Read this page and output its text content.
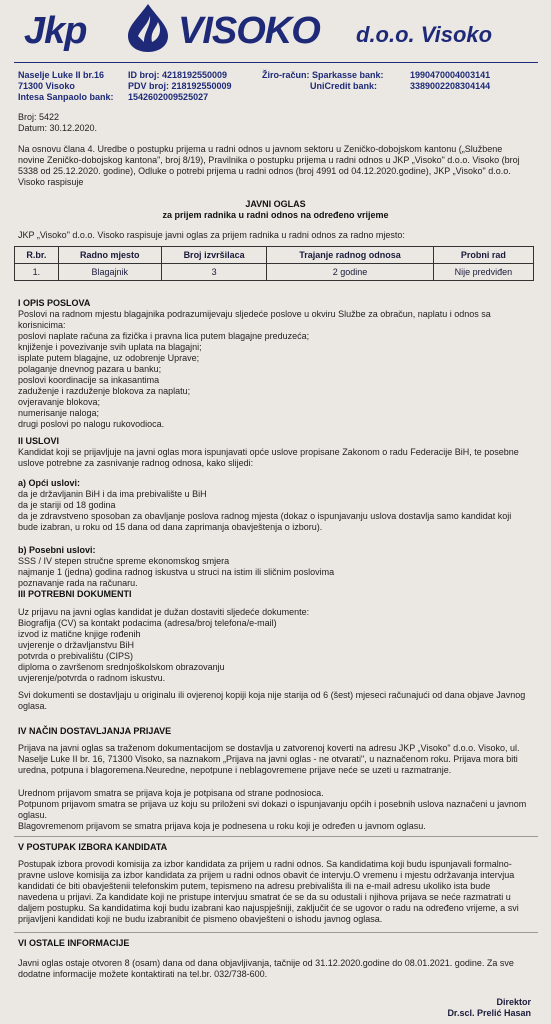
Jkp VISOKO d.o.o. Visoko
Naselje Luke II br.16
71300 Visoko
Intesa Sanpaolo bank: 1542602009525027
ID broj: 4218192550009
PDV broj: 218192550009
Žiro-račun: Sparkasse bank:	1990470004003141
UniCredit bank:	3389002208304144
Broj: 5422
Datum: 30.12.2020.
Na osnovu člana 4. Uredbe o postupku prijema u radni odnos u javnom sektoru u Zeničko-dobojskom kantonu („Službene novine Zeničko-dobojskog kantona", broj 8/19), Pravilnika o postupku prijema u radni odnos u JKP „Visoko" d.o.o. Visoko (broj 5338 od 25.12.2020. godine), Odluke o potrebi prijema u radni odnos (broj 4991 od 04.12.2020.godine), JKP „Visoko" d.o.o. Visoko raspisuje
JAVNI OGLAS
za prijem radnika u radni odnos na određeno vrijeme
JKP „Visoko" d.o.o. Visoko raspisuje javni oglas za prijem radnika u radni odnos za radno mjesto:
R.br.	Radno mjesto	Broj izvršilaca	Trajanje radnog odnosa	Probni rad
1.	Blagajnik	3	2 godine	Nije predviđen
I OPIS POSLOVA
Poslovi na radnom mjestu blagajnika podrazumijevaju sljedeće poslove u okviru Službe za obračun, naplatu i odnos sa korisnicima:
poslovi naplate računa za fizička i pravna lica putem blagajne preduzeća;
knjiženje i povezivanje svih uplata na blagajni;
isplate putem blagajne, uz odobrenje Uprave;
polaganje dnevnog pazara u banku;
poslovi koordinacije sa inkasantima
zaduženje i razduženje blokova za naplatu;
ovjeravanje blokova;
numerisanje naloga;
drugi poslovi po nalogu rukovodioca.
II USLOVI
Kandidat koji se prijavljuje na javni oglas mora ispunjavati opće uslove propisane Zakonom o radu Federacije BiH, te posebne uslove potrebne za zasnivanje radnog odnosa, kako slijedi:
a) Opći uslovi:
da je državljanin BiH i da ima prebivalište u BiH
da je stariji od 18 godina
da je zdravstveno sposoban za obavljanje poslova radnog mjesta (dokaz o ispunjavanju uslova dostavlja samo kandidat koji bude izabran, u roku od 15 dana od dana zaprimanja obavještenja o izboru).
b) Posebni uslovi:
SSS / IV stepen stručne spreme ekonomskog smjera
najmanje 1 (jedna) godina radnog iskustva u struci na istim ili sličnim poslovima
poznavanje rada na računaru.
III POTREBNI DOKUMENTI
Uz prijavu na javni oglas kandidat je dužan dostaviti sljedeće dokumente:
Biografija (CV) sa kontakt podacima (adresa/broj telefona/e-mail)
izvod iz matične knjige rođenih
uvjerenje o državljanstvu BiH
potvrda o prebivalištu (CIPS)
diploma o završenom srednjoškolskom obrazovanju
uvjerenje/potvrda o radnom iskustvu.
Svi dokumenti se dostavljaju u originalu ili ovjerenoj kopiji koja nije starija od 6 (šest) mjeseci računajući od dana objave Javnog oglasa.
IV NAČIN DOSTAVLJANJA PRIJAVE
Prijava na javni oglas sa traženom dokumentacijom se dostavlja u zatvorenoj koverti na adresu JKP „Visoko" d.o.o. Visoko, ul. Naselje Luke II br. 16, 71300 Visoko, sa naznakom „Prijava na javni oglas - ne otvarati", u naznačenom roku. Prijava mora biti uredna, potpuna i blagoremena.Neuredne, nepotpune i neblagovremene prijave neće se uzeti u razmatranje.
Urednom prijavom smatra se prijava koja je potpisana od strane podnosioca.
Potpunom prijavom smatra se prijava uz koju su priloženi svi dokazi o ispunjavanju općih i posebnih uslova naznačeni u javnom oglasu.
Blagovremenom prijavom se smatra prijava koja je podnesena u roku koji je određen u javnom oglasu.
V POSTUPAK IZBORA KANDIDATA
Postupak izbora provodi komisija za izbor kandidata za prijem u radni odnos. Sa kandidatima koji budu ispunjavali formalno-pravne uslove komisija za izbor kandidata za prijem u radni odnos obavit će intervju.O vremenu i mjestu održavanja intervjua kandidati će biti obavještenii telefonskim putem, tepismeno na adresu prebivališta ili na e-mail adresu ukoliko ista bude navedena u prijavi. Za kandidate koji ne pristupe intervjuu smatrat će se da su odustali i njihova prijava se neće razmatrati u daljem postupku. Sa kandidatima koji budu izabrani kao najuspješniji, zaključit će se ugovor o radu na određeno vrijeme, a svi prijavljeni kandidati koji ne budu izabranibit će pismeno obavješteni o ishodu javnog oglasa.
VI OSTALE INFORMACIJE
Javni oglas ostaje otvoren 8 (osam) dana od dana objavljivanja, tačnije od 31.12.2020.godine do 08.01.2021. godine. Za sve dodatne informacije možete kontaktirati na tel.br. 032/738-600.
Direktor
Dr.scl. Prelić Hasan
